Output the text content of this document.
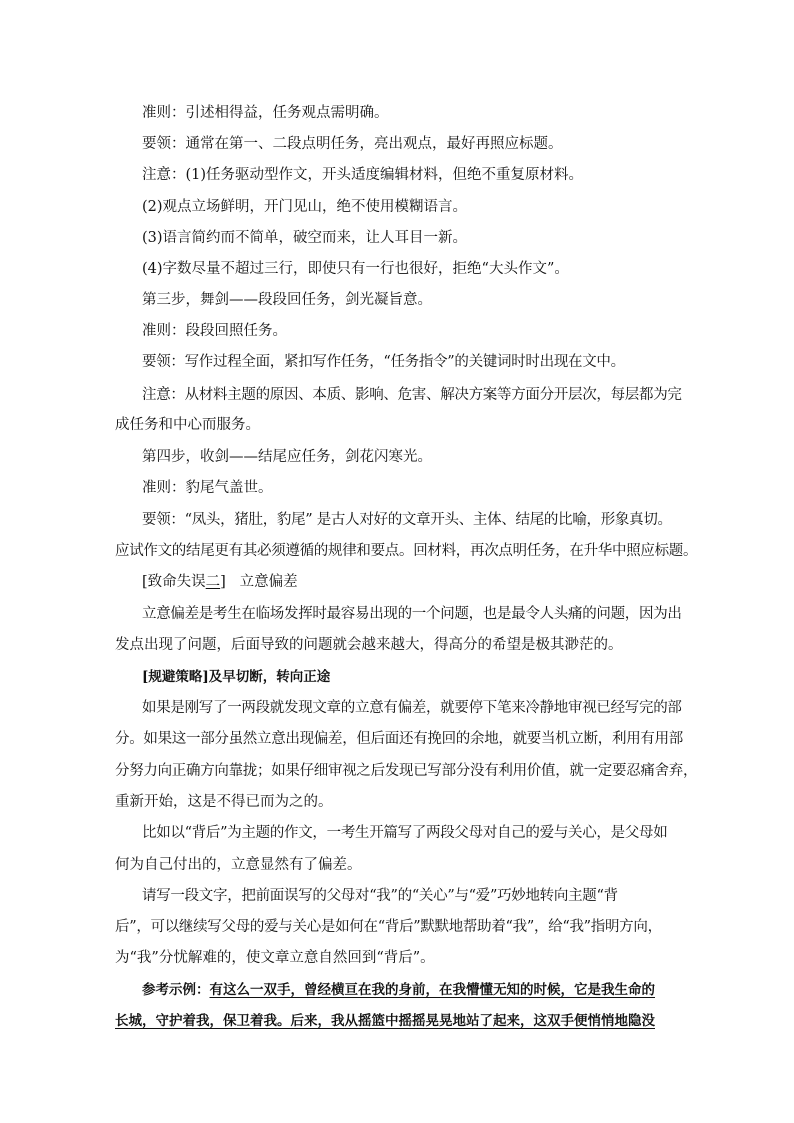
准则：引述相得益，任务观点需明确。
要领：通常在第一、二段点明任务，亮出观点，最好再照应标题。
注意：(1)任务驱动型作文，开头适度编辑材料，但绝不重复原材料。
(2)观点立场鲜明，开门见山，绝不使用模糊语言。
(3)语言简约而不简单，破空而来，让人耳目一新。
(4)字数尽量不超过三行，即使只有一行也很好，拒绝“大头作文”。
第三步，舞剑——段段回任务，剑光凝旨意。
准则：段段回照任务。
要领：写作过程全面，紧扣写作任务，“任务指令”的关键词时时出现在文中。
注意：从材料主题的原因、本质、影响、危害、解决方案等方面分开层次，每层都为完
成任务和中心而服务。
第四步，收剑——结尾应任务，剑花闪寒光。
准则：豹尾气盖世。
要领：“凤头，猪肚，豹尾” 是古人对好的文章开头、主体、结尾的比喻，形象真切。
应试作文的结尾更有其必须遵循的规律和要点。回材料，再次点明任务，在升华中照应标题。
[致命失误二] 立意偏差
立意偏差是考生在临场发挥时最容易出现的一个问题，也是最令人头痛的问题，因为出
发点出现了问题，后面导致的问题就会越来越大，得高分的希望是极其渺茫的。
[规避策略]及早切断，转向正途
如果是刚写了一两段就发现文章的立意有偏差，就要停下笔来冷静地审视已经写完的部
分。如果这一部分虽然立意出现偏差，但后面还有挽回的余地，就要当机立断，利用有用部
分努力向正确方向靠拢；如果仔细审视之后发现已写部分没有利用价值，就一定要忍痛舍弃，
重新开始，这是不得已而为之的。
比如以“背后”为主题的作文，一考生开篇写了两段父母对自己的爱与关心，是父母如
何为自己付出的，立意显然有了偏差。
请写一段文字，把前面误写的父母对“我”的“关心”与“爱”巧妙地转向主题“背
后”，可以继续写父母的爱与关心是如何在“背后”默默地帮助着“我”，给“我”指明方向，
为“我”分忧解难的，使文章立意自然回到“背后”。
参考示例：有这么一双手，曾经横亘在我的身前，在我懵懂无知的时候，它是我生命的
长城，守护着我，保卫着我。后来，我从摇篮中摇摇晃晃地站了起来，这双手便悄悄地隐没
